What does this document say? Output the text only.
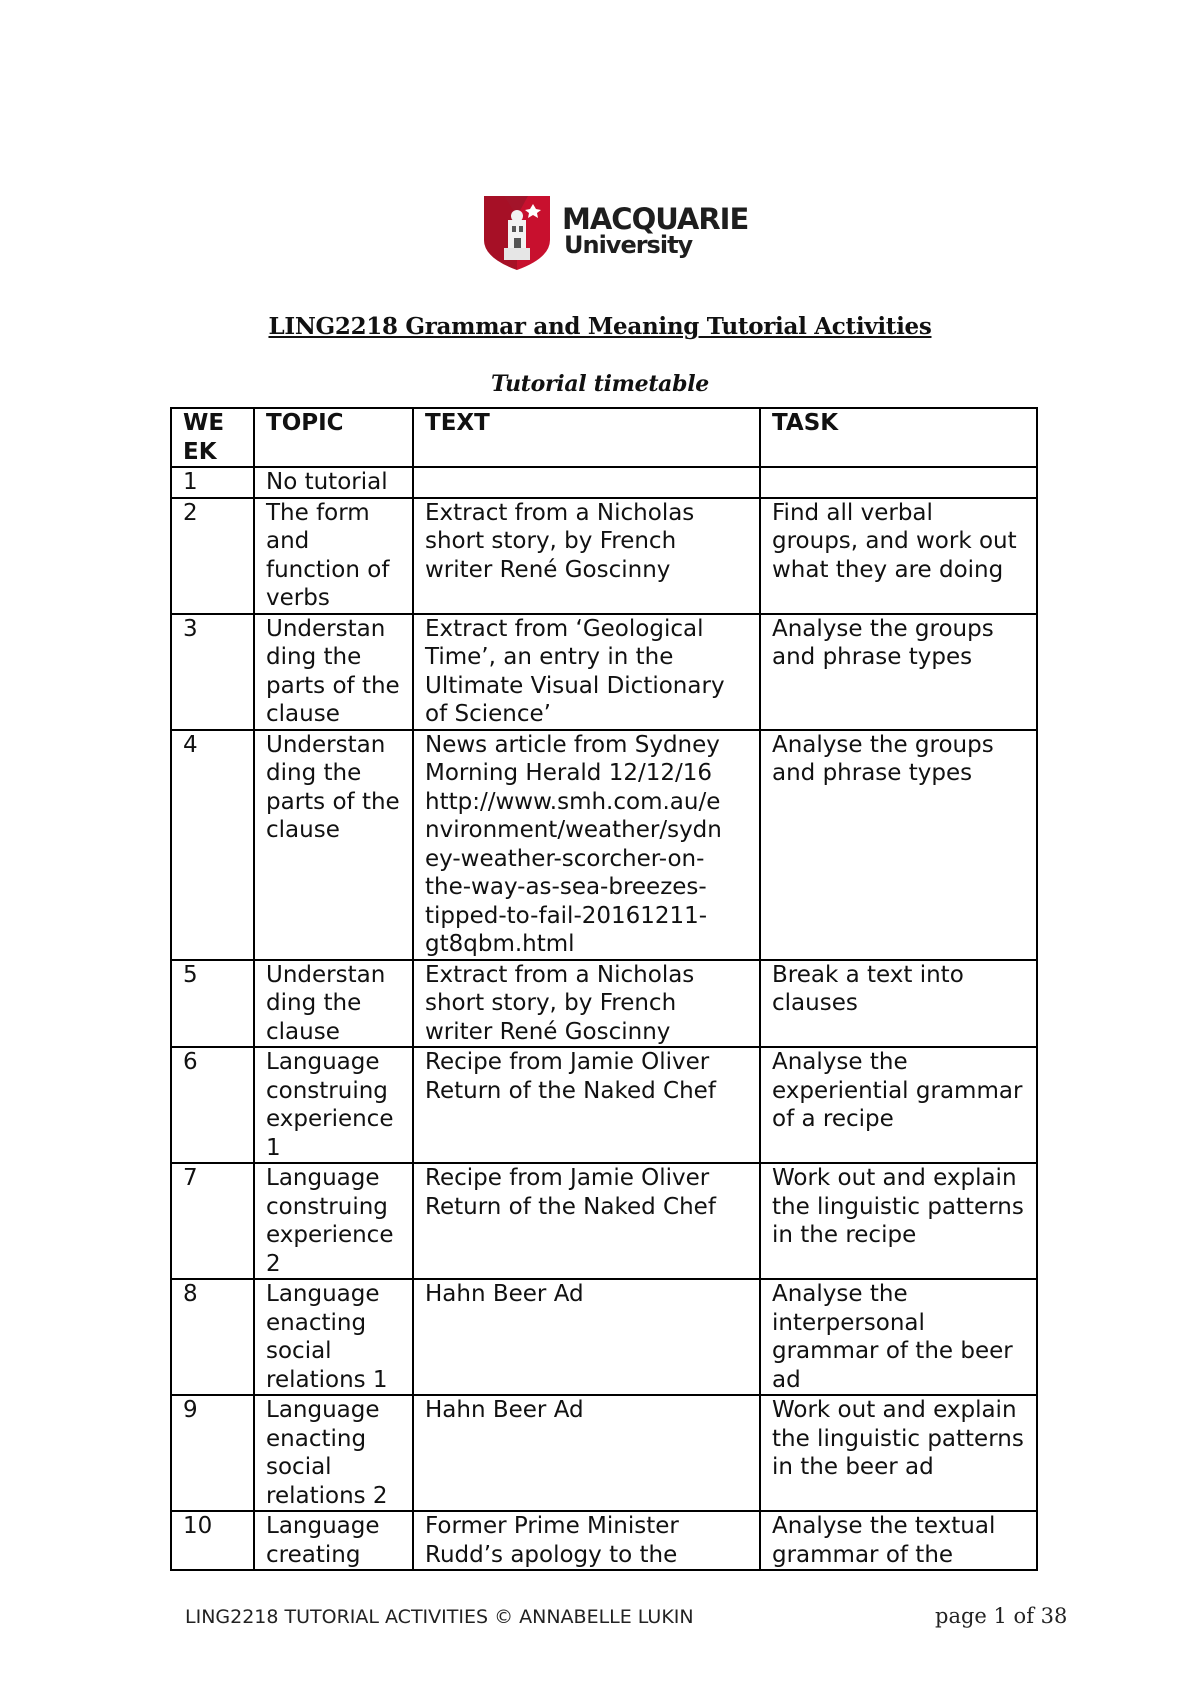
MACQUARIE
University
LING2218 Grammar and Meaning Tutorial Activities
Tutorial timetable
WE EK	TOPIC	TEXT	TASK
1	No tutorial		
2	The form and function of verbs	Extract from a Nicholas short story, by French writer René Goscinny	Find all verbal groups, and work out what they are doing
3	Understan ding the parts of the clause	Extract from ‘Geological Time’, an entry in the Ultimate Visual Dictionary of Science’	Analyse the groups and phrase types
4	Understan ding the parts of the clause	News article from Sydney Morning Herald 12/12/16 http://www.smh.com.au/e nvironment/weather/sydn ey-weather-scorcher-on- the-way-as-sea-breezes- tipped-to-fail-20161211- gt8qbm.html	Analyse the groups and phrase types
5	Understan ding the clause	Extract from a Nicholas short story, by French writer René Goscinny	Break a text into clauses
6	Language construing experience 1	Recipe from Jamie Oliver Return of the Naked Chef	Analyse the experiential grammar of a recipe
7	Language construing experience 2	Recipe from Jamie Oliver Return of the Naked Chef	Work out and explain the linguistic patterns in the recipe
8	Language enacting social relations 1	Hahn Beer Ad	Analyse the interpersonal grammar of the beer ad
9	Language enacting social relations 2	Hahn Beer Ad	Work out and explain the linguistic patterns in the beer ad
10	Language creating	Former Prime Minister Rudd’s apology to the	Analyse the textual grammar of the
LING2218 TUTORIAL ACTIVITIES © ANNABELLE LUKIN	page 1 of 38
